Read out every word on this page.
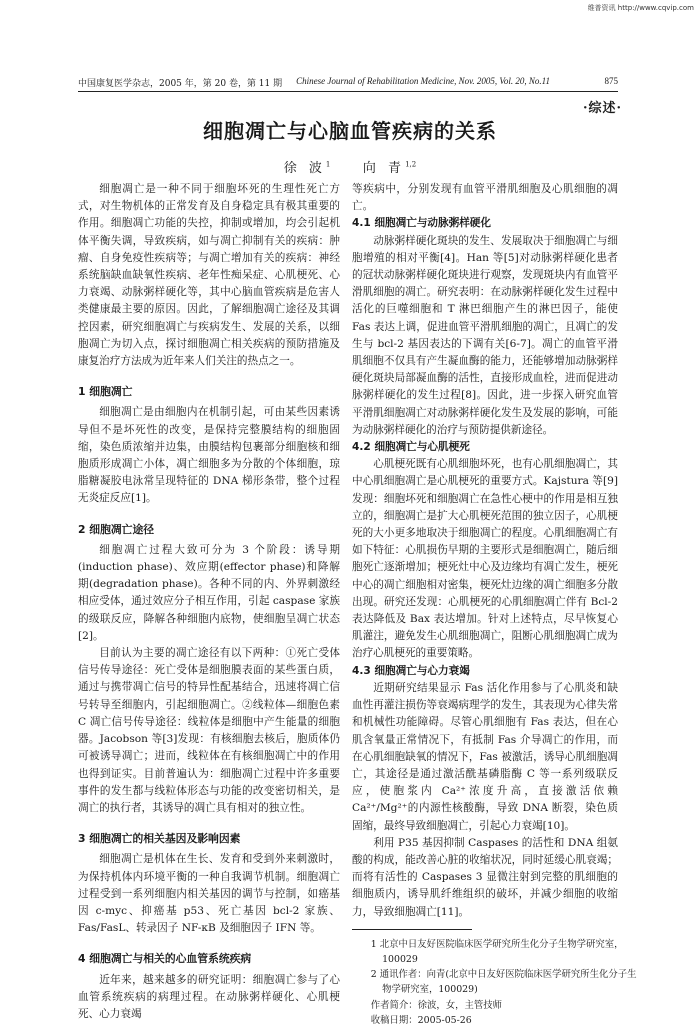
维普资讯 http://www.cqvip.com
中国康复医学杂志，2005 年，第 20 卷，第 11 期 Chinese Journal of Rehabilitation Medicine, Nov. 2005, Vol. 20, No.11	875
·综述·
细胞凋亡与心脑血管疾病的关系
徐 波$^1$	向 青$^{1,2}$

细胞凋亡是一种不同于细胞坏死的生理性死亡方式，对生物机体的正常发育及自身稳定具有极其重要的作用。细胞凋亡功能的失控，抑制或增加，均会引起机体平衡失调，导致疾病，如与凋亡抑制有关的疾病：肿瘤、自身免疫性疾病等；与凋亡增加有关的疾病：神经系统脑缺血缺氧性疾病、老年性痴呆症、心肌梗死、心力衰竭、动脉粥样硬化等，其中心脑血管疾病是危害人类健康最主要的原因。因此，了解细胞凋亡途径及其调控因素，研究细胞凋亡与疾病发生、发展的关系，以细胞凋亡为切入点，探讨细胞凋亡相关疾病的预防措施及康复治疗方法成为近年来人们关注的热点之一。

1 细胞凋亡

细胞凋亡是由细胞内在机制引起，可由某些因素诱导但不是坏死性的改变，是保持完整膜结构的细胞固缩，染色质浓缩并边集，由膜结构包裹部分细胞核和细胞质形成凋亡小体，凋亡细胞多为分散的个体细胞，琼脂糖凝胶电泳常呈现特征的 DNA 梯形条带，整个过程无炎症反应[1]。

2 细胞凋亡途径

细胞凋亡过程大致可分为 3 个阶段：诱导期(induction phase)、效应期(effector phase)和降解期(degradation phase)。各种不同的内、外界刺激经相应受体，通过效应分子相互作用，引起 caspase 家族的级联反应，降解各种细胞内底物，使细胞呈凋亡状态[2]。

目前认为主要的凋亡途径有以下两种：①死亡受体信号传导途径：死亡受体是细胞膜表面的某些蛋白质，通过与携带凋亡信号的特异性配基结合，迅速将凋亡信号转导至细胞内，引起细胞凋亡。②线粒体—细胞色素 C 凋亡信号传导途径：线粒体是细胞中产生能量的细胞器。Jacobson 等[3]发现：有核细胞去核后，胞质体仍可被诱导凋亡；进而，线粒体在有核细胞凋亡中的作用也得到证实。目前普遍认为：细胞凋亡过程中许多重要事件的发生都与线粒体形态与功能的改变密切相关，是凋亡的执行者，其诱导的凋亡具有相对的独立性。

3 细胞凋亡的相关基因及影响因素

细胞凋亡是机体在生长、发育和受到外来刺激时，为保持机体内环境平衡的一种自我调节机制。细胞凋亡过程受到一系列细胞内相关基因的调节与控制，如癌基因 c-myc、抑癌基 p53、死亡基因 bcl-2 家族、Fas/FasL、转录因子 NF-κB 及细胞因子 IFN 等。

4 细胞凋亡与相关的心血管系统疾病

近年来，越来越多的研究证明：细胞凋亡参与了心血管系统疾病的病理过程。在动脉粥样硬化、心肌梗死、心力衰竭

等疾病中，分别发现有血管平滑肌细胞及心肌细胞的凋亡。

4.1 细胞凋亡与动脉粥样硬化

动脉粥样硬化斑块的发生、发展取决于细胞凋亡与细胞增殖的相对平衡[4]。Han 等[5]对动脉粥样硬化患者的冠状动脉粥样硬化斑块进行观察，发现斑块内有血管平滑肌细胞的凋亡。研究表明：在动脉粥样硬化发生过程中活化的巨噬细胞和 T 淋巴细胞产生的淋巴因子，能使 Fas 表达上调，促进血管平滑肌细胞的凋亡，且凋亡的发生与 bcl-2 基因表达的下调有关[6-7]。凋亡的血管平滑肌细胞不仅具有产生凝血酶的能力，还能够增加动脉粥样硬化斑块局部凝血酶的活性，直接形成血栓，进而促进动脉粥样硬化的发生过程[8]。因此，进一步探入研究血管平滑肌细胞凋亡对动脉粥样硬化发生及发展的影响，可能为动脉粥样硬化的治疗与预防提供新途径。

4.2 细胞凋亡与心肌梗死

心肌梗死既有心肌细胞坏死，也有心肌细胞凋亡，其中心肌细胞凋亡是心肌梗死的重要方式。Kajstura 等[9]发现：细胞坏死和细胞凋亡在急性心梗中的作用是相互独立的，细胞凋亡是扩大心肌梗死范围的独立因子，心肌梗死的大小更多地取决于细胞凋亡的程度。心肌细胞凋亡有如下特征：心肌损伤早期的主要形式是细胞凋亡，随后细胞死亡逐渐增加；梗死灶中心及边缘均有凋亡发生，梗死中心的凋亡细胞相对密集，梗死灶边缘的凋亡细胞多分散出现。研究还发现：心肌梗死的心肌细胞凋亡伴有 Bcl-2 表达降低及 Bax 表达增加。针对上述特点，尽早恢复心肌灌注，避免发生心肌细胞凋亡，阻断心肌细胞凋亡成为治疗心肌梗死的重要策略。

4.3 细胞凋亡与心力衰竭

近期研究结果显示 Fas 活化作用参与了心肌炎和缺血性再灌注损伤等衰竭病理学的发生，其表现为心律失常和机械性功能障碍。尽管心肌细胞有 Fas 表达，但在心肌含氧量正常情况下，有抵制 Fas 介导凋亡的作用，而在心肌细胞缺氧的情况下，Fas 被激活，诱导心肌细胞凋亡，其途径是通过激活酰基磷脂酶 C 等一系列级联反应，使胞浆内 Ca²⁺浓度升高，直接激活依赖 Ca²⁺/Mg²⁺的内源性核酸酶，导致 DNA 断裂，染色质固缩，最终导致细胞凋亡，引起心力衰竭[10]。

利用 P35 基因抑制 Caspases 的活性和 DNA 组氨酸的构成，能改善心脏的收缩状况，同时延缓心肌衰竭；而将有活性的 Caspases 3 显微注射到完整的肌细胞的细胞质内，诱导肌纤维组织的破坏，并减少细胞的收缩力，导致细胞凋亡[11]。

1 北京中日友好医院临床医学研究所生化分子生物学研究室，

100029

2 通讯作者：向青(北京中日友好医院临床医学研究所生化分子生

物学研究室，100029)

作者简介：徐波，女，主管技师

收稿日期：2005-05-26
